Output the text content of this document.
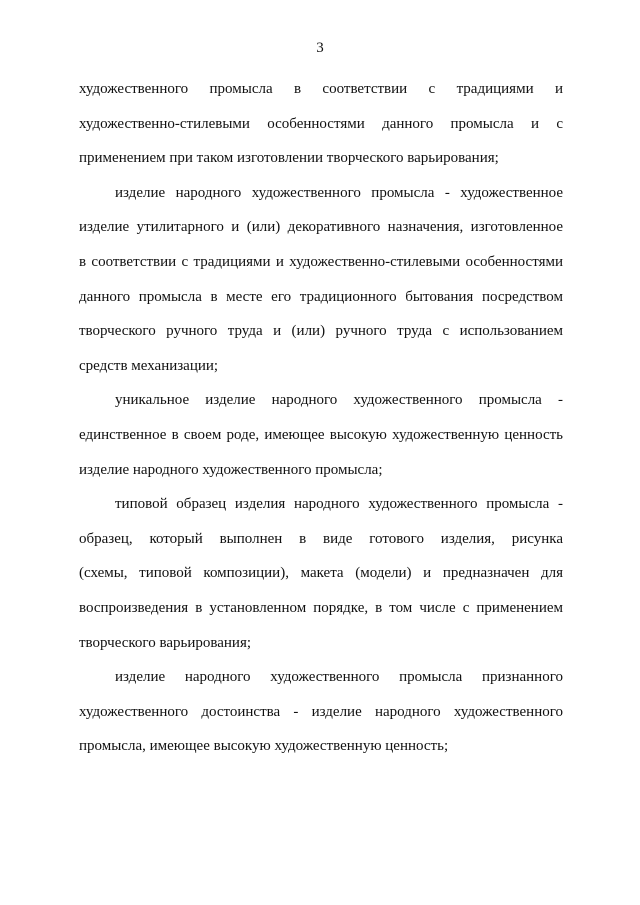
3
художественного промысла в соответствии с традициями и
художественно-стилевыми особенностями данного промысла и с
применением при таком изготовлении творческого варьирования;
изделие народного художественного промысла - художественное
изделие утилитарного и (или) декоративного назначения, изготовленное
в соответствии с традициями и художественно-стилевыми особенностями
данного промысла в месте его традиционного бытования посредством
творческого ручного труда и (или) ручного труда с использованием
средств механизации;
уникальное изделие народного художественного промысла -
единственное в своем роде, имеющее высокую художественную ценность
изделие народного художественного промысла;
типовой образец изделия народного художественного промысла -
образец, который выполнен в виде готового изделия, рисунка
(схемы, типовой композиции), макета (модели) и предназначен для
воспроизведения в установленном порядке, в том числе с применением
творческого варьирования;
изделие народного художественного промысла признанного
художественного достоинства - изделие народного художественного
промысла, имеющее высокую художественную ценность;
